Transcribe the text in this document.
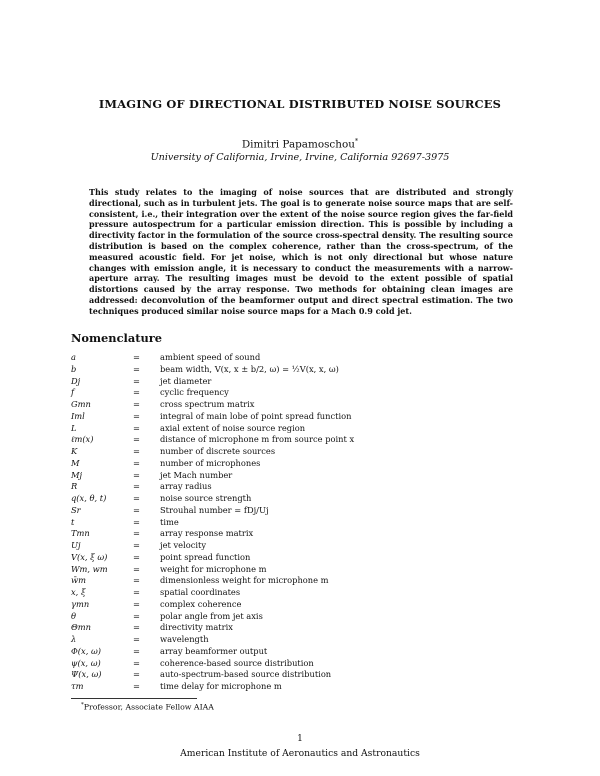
IMAGING OF DIRECTIONAL DISTRIBUTED NOISE SOURCES
Dimitri Papamoschou*
University of California, Irvine, Irvine, California 92697-3975
This study relates to the imaging of noise sources that are distributed and strongly directional, such as in turbulent jets. The goal is to generate noise source maps that are self-consistent, i.e., their integration over the extent of the noise source region gives the far-field pressure autospectrum for a particular emission direction. This is possible by including a directivity factor in the formulation of the source cross-spectral density. The resulting source distribution is based on the complex coherence, rather than the cross-spectrum, of the measured acoustic field. For jet noise, which is not only directional but whose nature changes with emission angle, it is necessary to conduct the measurements with a narrow-aperture array. The resulting images must be devoid to the extent possible of spatial distortions caused by the array response. Two methods for obtaining clean images are addressed: deconvolution of the beamformer output and direct spectral estimation. The two techniques produced similar noise source maps for a Mach 0.9 cold jet.
Nomenclature
a	= ambient speed of sound
b	= beam width, V(x, x ± b/2, ω) = ½V(x, x, ω)
Dj	= jet diameter
f	= cyclic frequency
Gmn	= cross spectrum matrix
Iml	= integral of main lobe of point spread function
L	= axial extent of noise source region
ℓm(x)	= distance of microphone m from source point x
K	= number of discrete sources
M	= number of microphones
Mj	= jet Mach number
R	= array radius
q(x, θ, t)	= noise source strength
Sr	= Strouhal number = fDj/Uj
t	= time
Tmn	= array response matrix
Uj	= jet velocity
V(x, ξ ω)	= point spread function
Wm, wm	= weight for microphone m
w̄m	= dimensionless weight for microphone m
x, ξ	= spatial coordinates
γmn	= complex coherence
θ	= polar angle from jet axis
Θmn	= directivity matrix
λ	= wavelength
Φ(x, ω)	= array beamformer output
ψ(x, ω)	= coherence-based source distribution
Ψ(x, ω)	= auto-spectrum-based source distribution
τm	= time delay for microphone m
*Professor, Associate Fellow AIAA
1
American Institute of Aeronautics and Astronautics
